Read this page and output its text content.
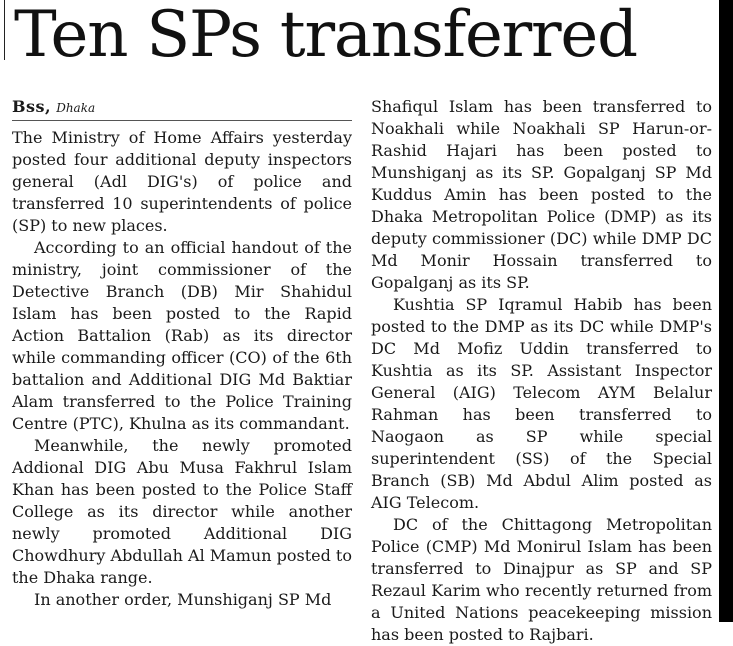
Ten SPs transferred
Bss, Dhaka

The Ministry of Home Affairs yesterday posted four additional deputy inspectors general (Adl DIG's) of police and transferred 10 superintendents of police (SP) to new places.

According to an official handout of the ministry, joint commissioner of the Detective Branch (DB) Mir Shahidul Islam has been posted to the Rapid Action Battalion (Rab) as its director while commanding officer (CO) of the 6th battalion and Additional DIG Md Baktiar Alam transferred to the Police Training Centre (PTC), Khulna as its commandant.

Meanwhile, the newly promoted Addional DIG Abu Musa Fakhrul Islam Khan has been posted to the Police Staff College as its director while another newly promoted Additional DIG Chowdhury Abdullah Al Mamun posted to the Dhaka range.

In another order, Munshiganj SP Md

Shafiqul Islam has been transferred to Noakhali while Noakhali SP Harun-or-Rashid Hajari has been posted to Munshiganj as its SP. Gopalganj SP Md Kuddus Amin has been posted to the Dhaka Metropolitan Police (DMP) as its deputy commissioner (DC) while DMP DC Md Monir Hossain transferred to Gopalganj as its SP.

Kushtia SP Iqramul Habib has been posted to the DMP as its DC while DMP's DC Md Mofiz Uddin transferred to Kushtia as its SP. Assistant Inspector General (AIG) Telecom AYM Belalur Rahman has been transferred to Naogaon as SP while special superintendent (SS) of the Special Branch (SB) Md Abdul Alim posted as AIG Telecom.

DC of the Chittagong Metropolitan Police (CMP) Md Monirul Islam has been transferred to Dinajpur as SP and SP Rezaul Karim who recently returned from a United Nations peacekeeping mission has been posted to Rajbari.
